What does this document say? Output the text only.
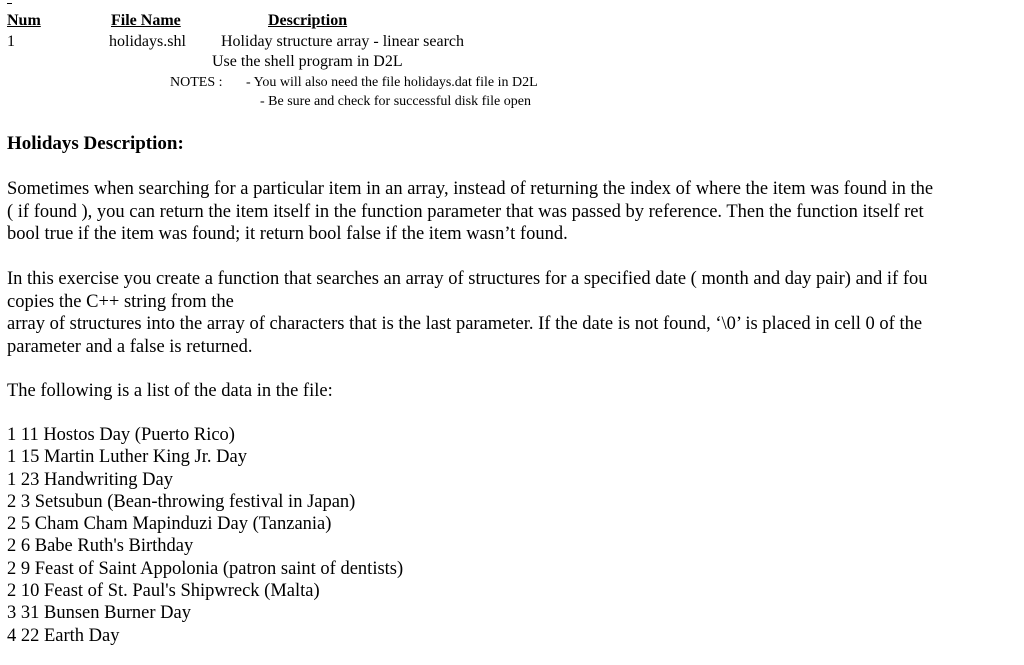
Num	File Name	Description
1	holidays.shl Holiday structure array - linear search
Use the shell program in D2L
NOTES : - You will also need the file holidays.dat file in D2L
- Be sure and check for successful disk file open
Holidays Description:
Sometimes when searching for a particular item in an array, instead of returning the index of where the item was found in the
( if found ), you can return the item itself in the function parameter that was passed by reference. Then the function itself ret
bool true if the item was found; it return bool false if the item wasn’t found.
In this exercise you create a function that searches an array of structures for a specified date ( month and day pair) and if fou
copies the C++ string from the
array of structures into the array of characters that is the last parameter. If the date is not found, ‘\0’ is placed in cell 0 of the
parameter and a false is returned.
The following is a list of the data in the file:
1 11 Hostos Day (Puerto Rico)
1 15 Martin Luther King Jr. Day
1 23 Handwriting Day
2 3 Setsubun (Bean-throwing festival in Japan)
2 5 Cham Cham Mapinduzi Day (Tanzania)
2 6 Babe Ruth's Birthday
2 9 Feast of Saint Appolonia (patron saint of dentists)
2 10 Feast of St. Paul's Shipwreck (Malta)
3 31 Bunsen Burner Day
4 22 Earth Day
